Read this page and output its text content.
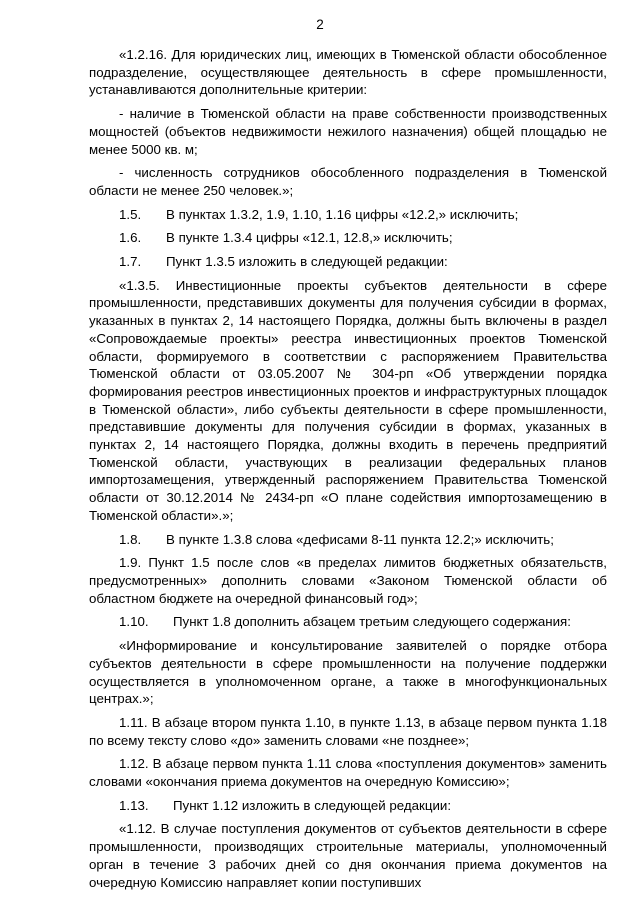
2

«1.2.16. Для юридических лиц, имеющих в Тюменской области обособленное подразделение, осуществляющее деятельность в сфере промышленности, устанавливаются дополнительные критерии:

- наличие в Тюменской области на праве собственности производственных мощностей (объектов недвижимости нежилого назначения) общей площадью не менее 5000 кв. м;

- численность сотрудников обособленного подразделения в Тюменской области не менее 250 человек.»;

1.5. В пунктах 1.3.2, 1.9, 1.10, 1.16 цифры «12.2,» исключить;

1.6. В пункте 1.3.4 цифры «12.1, 12.8,» исключить;

1.7. Пункт 1.3.5 изложить в следующей редакции:

«1.3.5. Инвестиционные проекты субъектов деятельности в сфере промышленности, представивших документы для получения субсидии в формах, указанных в пунктах 2, 14 настоящего Порядка, должны быть включены в раздел «Сопровождаемые проекты» реестра инвестиционных проектов Тюменской области, формируемого в соответствии с распоряжением Правительства Тюменской области от 03.05.2007 № 304-рп «Об утверждении порядка формирования реестров инвестиционных проектов и инфраструктурных площадок в Тюменской области», либо субъекты деятельности в сфере промышленности, представившие документы для получения субсидии в формах, указанных в пунктах 2, 14 настоящего Порядка, должны входить в перечень предприятий Тюменской области, участвующих в реализации федеральных планов импортозамещения, утвержденный распоряжением Правительства Тюменской области от 30.12.2014 № 2434-рп «О плане содействия импортозамещению в Тюменской области».»;

1.8. В пункте 1.3.8 слова «дефисами 8-11 пункта 12.2;» исключить;

1.9. Пункт 1.5 после слов «в пределах лимитов бюджетных обязательств, предусмотренных» дополнить словами «Законом Тюменской области об областном бюджете на очередной финансовый год»;

1.10. Пункт 1.8 дополнить абзацем третьим следующего содержания:

«Информирование и консультирование заявителей о порядке отбора субъектов деятельности в сфере промышленности на получение поддержки осуществляется в уполномоченном органе, а также в многофункциональных центрах.»;

1.11. В абзаце втором пункта 1.10, в пункте 1.13, в абзаце первом пункта 1.18 по всему тексту слово «до» заменить словами «не позднее»;

1.12. В абзаце первом пункта 1.11 слова «поступления документов» заменить словами «окончания приема документов на очередную Комиссию»;

1.13. Пункт 1.12 изложить в следующей редакции:

«1.12. В случае поступления документов от субъектов деятельности в сфере промышленности, производящих строительные материалы, уполномоченный орган в течение 3 рабочих дней со дня окончания приема документов на очередную Комиссию направляет копии поступивших
